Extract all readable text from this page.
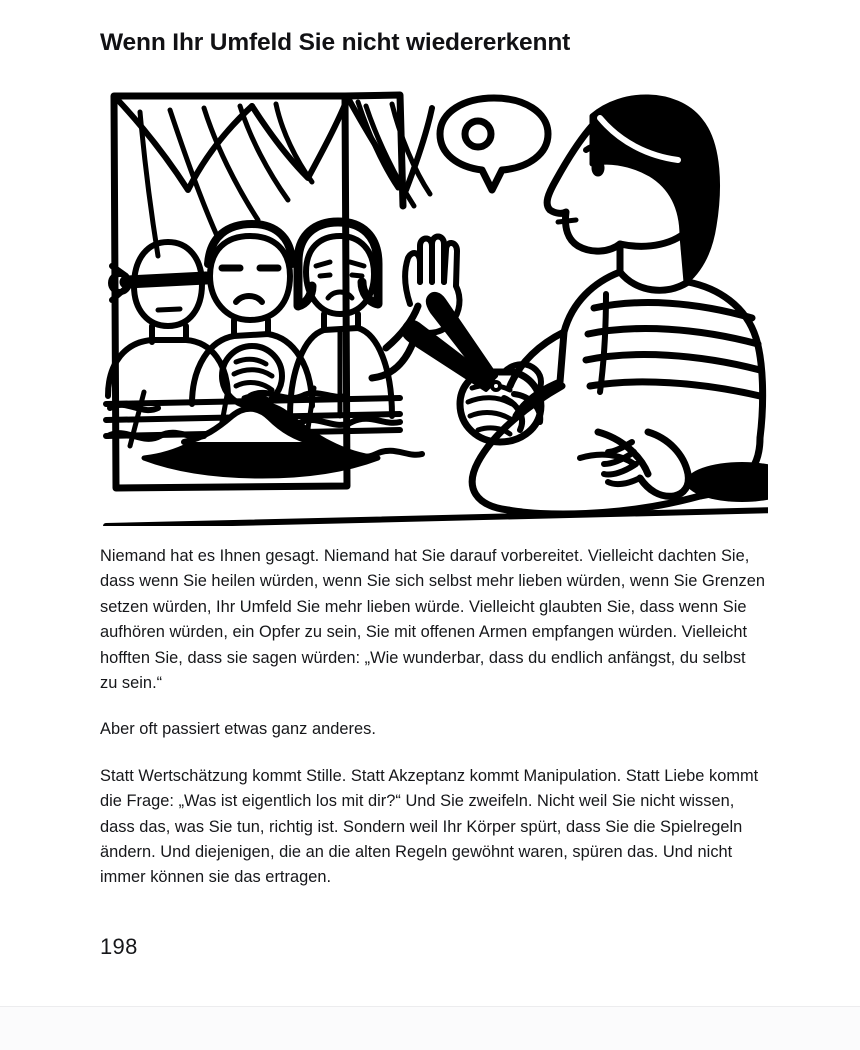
Wenn Ihr Umfeld Sie nicht wiedererkennt

Niemand hat es Ihnen gesagt. Niemand hat Sie darauf vorbereitet. Vielleicht dachten Sie, dass wenn Sie heilen würden, wenn Sie sich selbst mehr lieben würden, wenn Sie Grenzen setzen würden, Ihr Umfeld Sie mehr lieben würde. Vielleicht glaubten Sie, dass wenn Sie aufhören würden, ein Opfer zu sein, Sie mit offenen Armen empfangen würden. Vielleicht hofften Sie, dass sie sagen würden: „Wie wunderbar, dass du endlich anfängst, du selbst zu sein.“

Aber oft passiert etwas ganz anderes.

Statt Wertschätzung kommt Stille. Statt Akzeptanz kommt Manipulation. Statt Liebe kommt die Frage: „Was ist eigentlich los mit dir?“ Und Sie zweifeln. Nicht weil Sie nicht wissen, dass das, was Sie tun, richtig ist. Sondern weil Ihr Körper spürt, dass Sie die Spielregeln ändern. Und diejenigen, die an die alten Regeln gewöhnt waren, spüren das. Und nicht immer können sie das ertragen.

198
